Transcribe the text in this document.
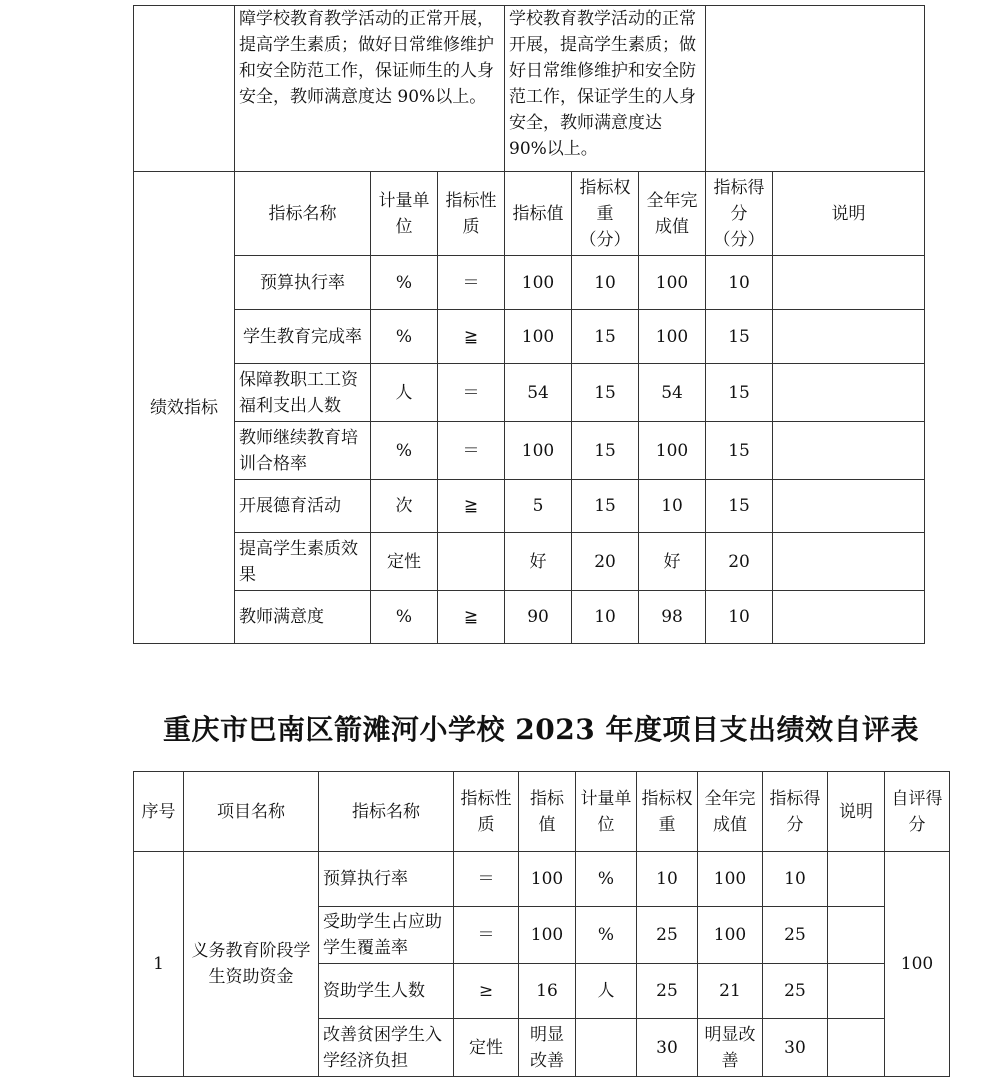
	障学校教育教学活动的正常开展，提高学生素质；做好日常维修维护和安全防范工作，保证师生的人身安全，教师满意度达 90%以上。			学校教育教学活动的正常开展，提高学生素质；做好日常维修维护和安全防范工作，保证学生的人身安全，教师满意度达 90%以上。				
绩效指标	指标名称	计量单位	指标性质	指标值	指标权重（分）	全年完成值	指标得分（分）	说明
	预算执行率	%	＝	100	10	100	10	
	学生教育完成率	%	≧	100	15	100	15	
	保障教职工工资福利支出人数	人	＝	54	15	54	15	
	教师继续教育培训合格率	%	＝	100	15	100	15	
	开展德育活动	次	≧	5	15	10	15	
	提高学生素质效果	定性		好	20	好	20	
	教师满意度	%	≧	90	10	98	10	
重庆市巴南区箭滩河小学校 2023 年度项目支出绩效自评表
序号	项目名称	指标名称	指标性质	指标值	计量单位	指标权重	全年完成值	指标得分	说明	自评得分
1	义务教育阶段学生资助资金	预算执行率	＝	100	%	10	100	10		100
		受助学生占应助学生覆盖率	＝	100	%	25	100	25		
		资助学生人数	≥	16	人	25	21	25		
		改善贫困学生入学经济负担	定性	明显改善		30	明显改善	30		
